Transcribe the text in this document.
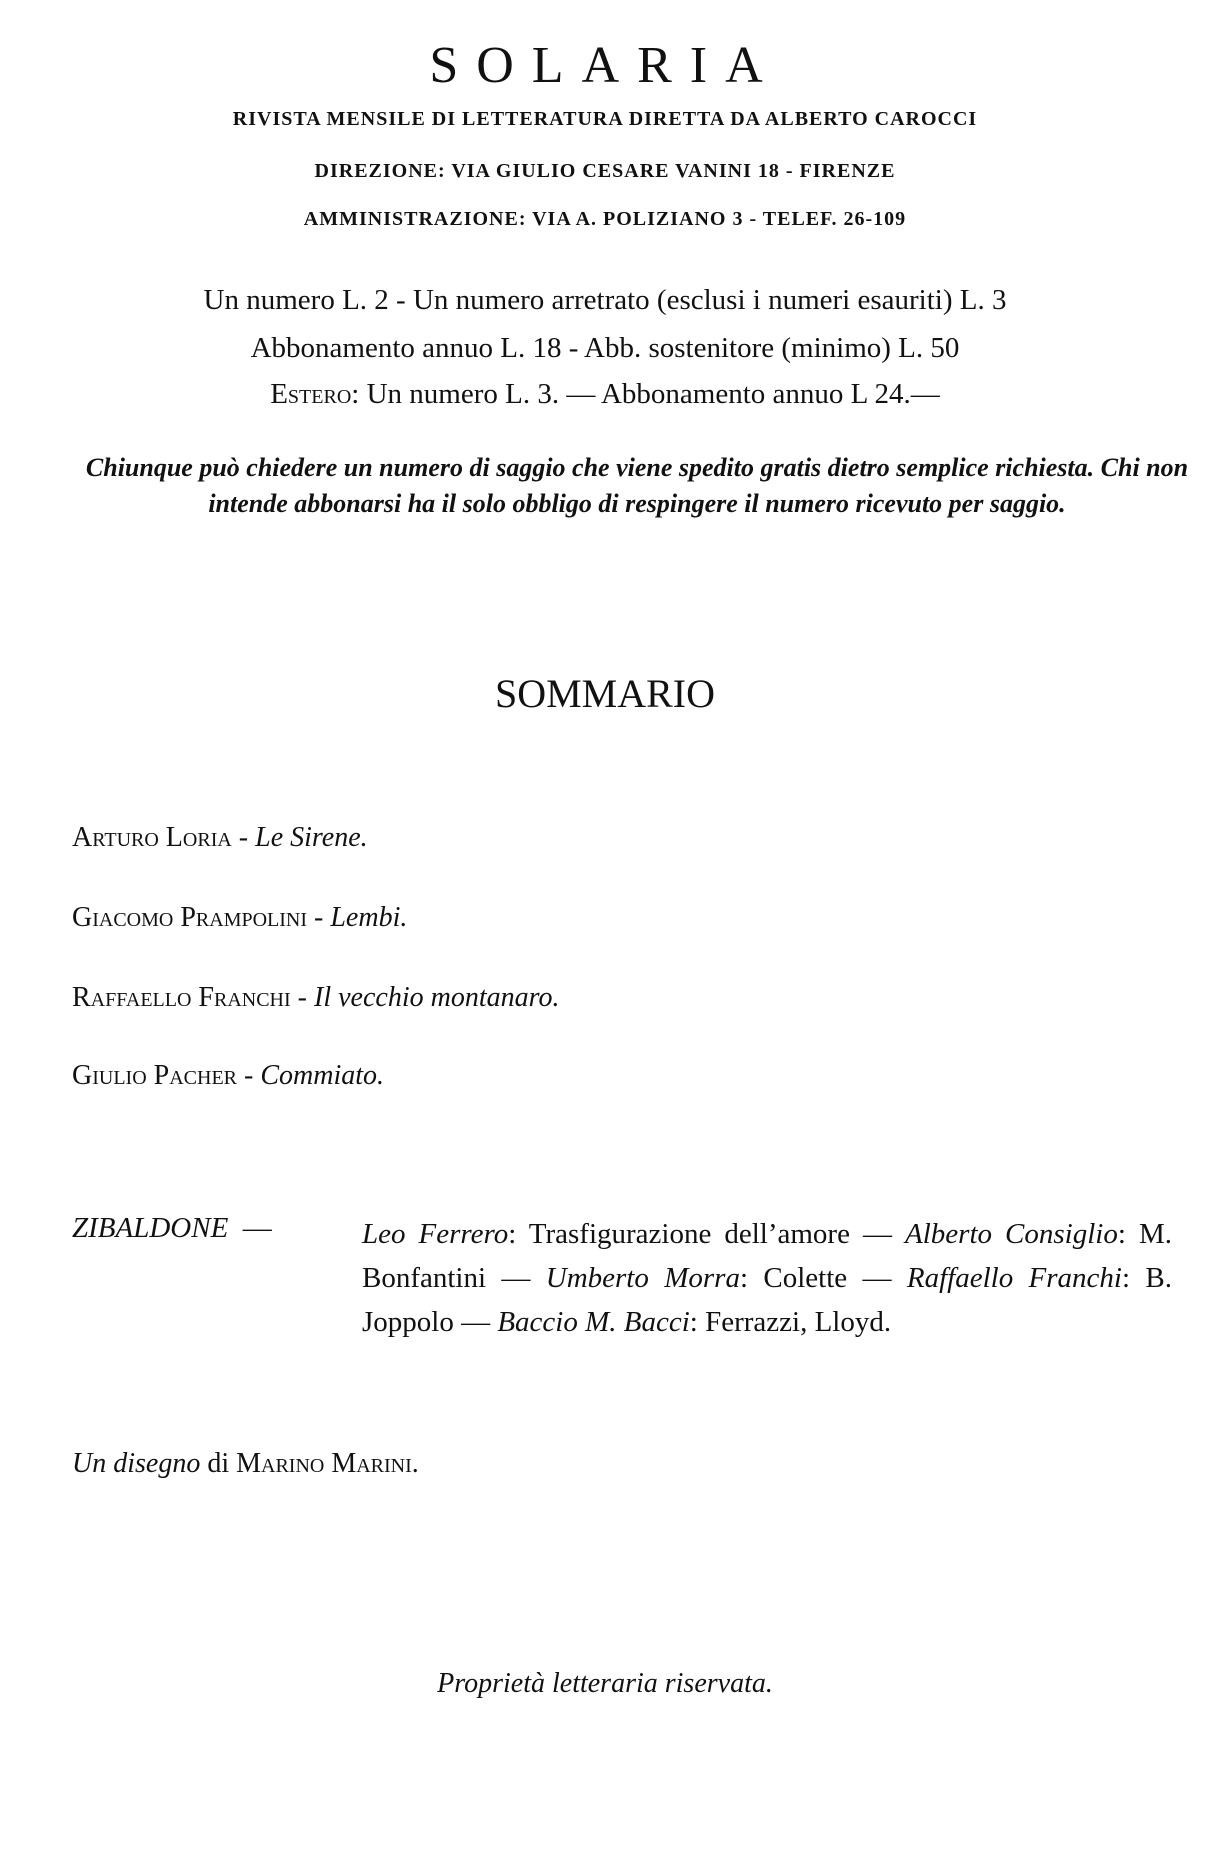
SOLARIA
RIVISTA MENSILE DI LETTERATURA DIRETTA DA ALBERTO CAROCCI
DIREZIONE: VIA GIULIO CESARE VANINI 18 - FIRENZE
AMMINISTRAZIONE: VIA A. POLIZIANO 3 - TELEF. 26-109
Un numero L. 2 - Un numero arretrato (esclusi i numeri esauriti) L. 3
Abbonamento annuo L. 18 - Abb. sostenitore (minimo) L. 50
Estero: Un numero L. 3. — Abbonamento annuo L 24.—
Chiunque può chiedere un numero di saggio che viene spedito gratis dietro semplice richiesta. Chi non intende abbonarsi ha il solo obbligo di respingere il numero ricevuto per saggio.
SOMMARIO
Arturo Loria - Le Sirene.
Giacomo Prampolini - Lembi.
Raffaello Franchi - Il vecchio montanaro.
Giulio Pacher - Commiato.
ZIBALDONE —	Leo Ferrero: Trasfigurazione dell’amore — Alberto Consiglio: M. Bonfantini — Umberto Morra: Colette — Raffaello Franchi: B. Joppolo — Baccio M. Bacci: Ferrazzi, Lloyd.
Un disegno di Marino Marini.
Proprietà letteraria riservata.
